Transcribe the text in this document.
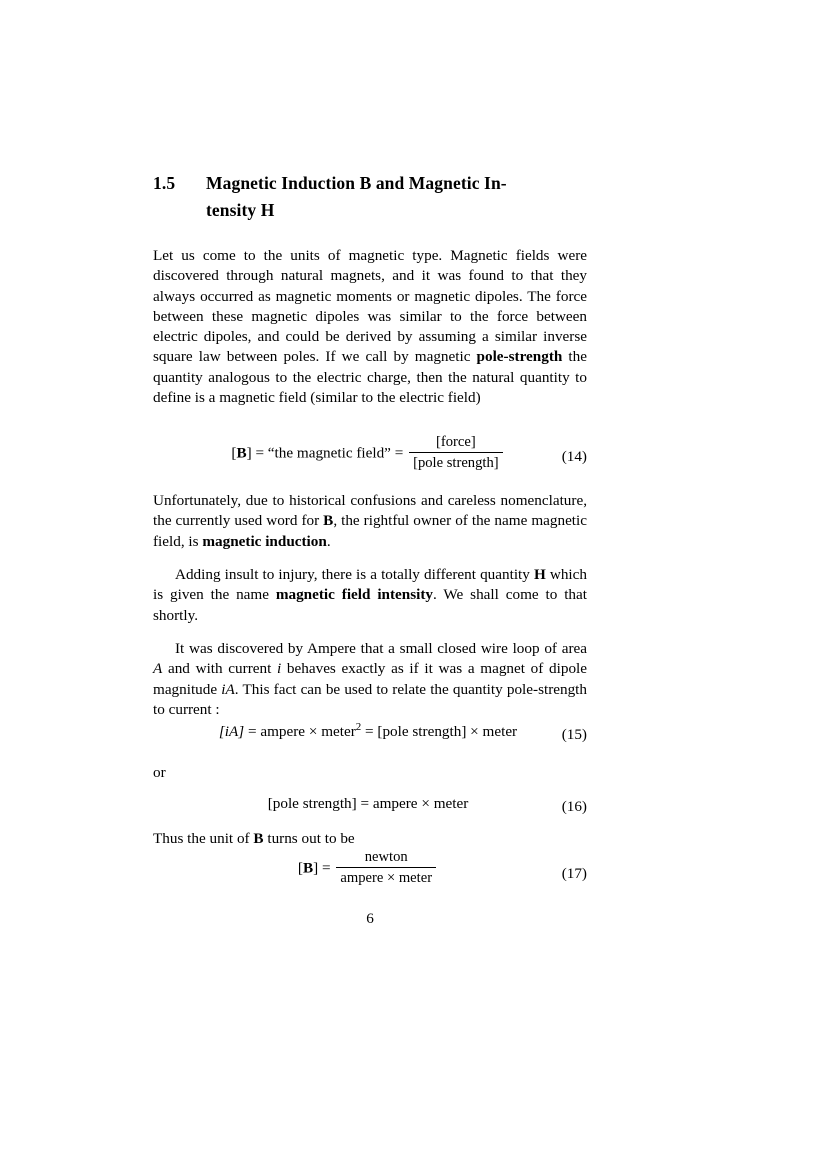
1.5 Magnetic Induction B and Magnetic In-
tensity H

Let us come to the units of magnetic type. Magnetic fields were discovered through natural magnets, and it was found to that they always occurred as magnetic moments or magnetic dipoles. The force between these magnetic dipoles was similar to the force between electric dipoles, and could be derived by assuming a similar inverse square law between poles. If we call by magnetic pole-strength the quantity analogous to the electric charge, then the natural quantity to define is a magnetic field (similar to the electric field)

[B] = “the magnetic field” = $\frac{\text{[force]}}{\text{[pole strength]}}$	(14)

Unfortunately, due to historical confusions and careless nomenclature, the currently used word for B, the rightful owner of the name magnetic field, is magnetic induction.

Adding insult to injury, there is a totally different quantity H which is given the name magnetic field intensity. We shall come to that shortly.

It was discovered by Ampere that a small closed wire loop of area A and with current i behaves exactly as if it was a magnet of dipole magnitude iA. This fact can be used to relate the quantity pole-strength to current :

[iA] = ampere × meter$^2$ = [pole strength] × meter	(15)
or
[pole strength] = ampere × meter	(16)

Thus the unit of B turns out to be

$[B] = \frac{\text{newton}}{\text{ampere × meter}}$	(17)
6
